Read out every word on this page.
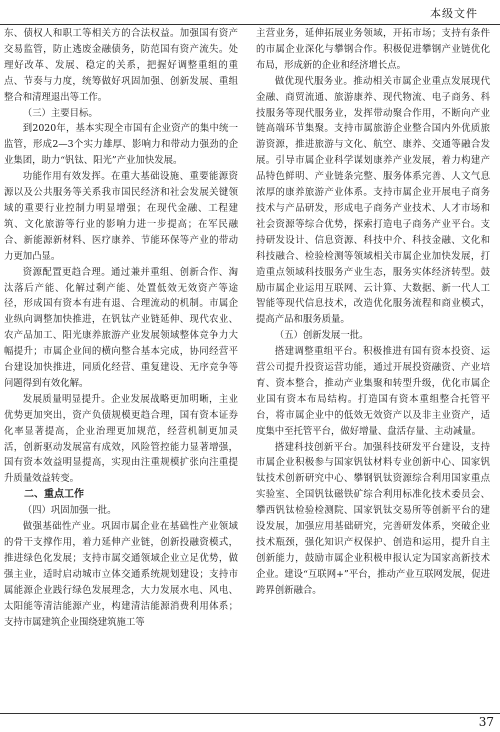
本级文件

东、债权人和职工等相关方的合法权益。加强国有资产交易监管，防止逃废金融债务，防范国有资产流失。处理好改革、发展、稳定的关系，把握好调整重组的重点、节奏与力度，统筹做好巩固加强、创新发展、重组整合和清理退出等工作。

（三）主要目标。

到2020年，基本实现全市国有企业资产的集中统一监管，形成2—3个实力雄厚、影响力和带动力强劲的企业集团，助力“钒钛、阳光”产业加快发展。

功能作用有效发挥。在重大基础设施、重要能源资源以及公共服务等关系我市国民经济和社会发展关键领域的重要行业控制力明显增强；在现代金融、工程建筑、文化旅游等行业的影响力进一步提高；在军民融合、新能源新材料、医疗康养、节能环保等产业的带动力更加凸显。

资源配置更趋合理。通过兼并重组、创新合作、淘汰落后产能、化解过剩产能、处置低效无效资产等途径，形成国有资本有进有退、合理流动的机制。市属企业纵向调整加快推进，在钒钛产业链延伸、现代农业、农产品加工、阳光康养旅游产业发展领域整体竞争力大幅提升；市属企业间的横向整合基本完成，协同经营平台建设加快推进，同质化经营、重复建设、无序竞争等问题得到有效化解。

发展质量明显提升。企业发展战略更加明晰，主业优势更加突出，资产负债规模更趋合理，国有资本证券化率显著提高，企业治理更加规范，经营机制更加灵活，创新驱动发展富有成效，风险管控能力显著增强，国有资本效益明显提高，实现由注重规模扩张向注重提升质量效益转变。

二、重点工作
（四）巩固加强一批。

做强基础性产业。巩固市属企业在基础性产业领域的骨干支撑作用，着力延伸产业链，创新投融资模式，推进绿色化发展；支持市属交通领域企业立足优势，做强主业，适时启动城市立体交通系统规划建设；支持市属能源企业践行绿色发展理念，大力发展水电、风电、太阳能等清洁能源产业，构建清洁能源消费利用体系；支持市属建筑企业围绕建筑施工等

主营业务，延伸拓展业务领域，开拓市场；支持有条件的市属企业深化与攀钢合作。积极促进攀钢产业链优化布局，形成新的企业和经济增长点。

做优现代服务业。推动相关市属企业重点发展现代金融、商贸流通、旅游康养、现代物流、电子商务、科技服务等现代服务业，发挥带动聚合作用，不断向产业链高端环节集聚。支持市属旅游企业整合国内外优质旅游资源，推进旅游与文化、航空、康养、交通等融合发展。引导市属企业科学谋划康养产业发展，着力构建产品特色鲜明、产业链条完整、服务体系完善、人文气息浓厚的康养旅游产业体系。支持市属企业开展电子商务技术与产品研发，形成电子商务产业技术、人才市场和社会资源等综合优势，探索打造电子商务产业平台。支持研发设计、信息资源、科技中介、科技金融、文化和科技融合、检验检测等领域相关市属企业加快发展，打造重点领域科技服务产业生态，服务实体经济转型。鼓励市属企业运用互联网、云计算、大数据、新一代人工智能等现代信息技术，改造优化服务流程和商业模式，提高产品和服务质量。

（五）创新发展一批。

搭建调整重组平台。积极推进有国有资本投资、运营公司提升投资运营功能，通过开展投资融资、产业培育、资本整合，推动产业集聚和转型升级，优化市属企业国有资本布局结构。打造国有资本重组整合托管平台，将市属企业中的低效无效资产以及非主业资产，适度集中至托管平台，做好增量、盘活存量、主动减量。

搭建科技创新平台。加强科技研发平台建设，支持市属企业积极参与国家钒钛材料专业创新中心、国家钒钛技术创新研究中心、攀钢钒钛资源综合利用国家重点实验室、全国钒钛磁铁矿综合利用标准化技术委员会、攀西钒钛检验检测院、国家钒钛交易所等创新平台的建设发展，加强应用基础研究，完善研发体系，突破企业技术瓶颈，强化知识产权保护、创造和运用，提升自主创新能力，鼓励市属企业积极申报认定为国家高新技术企业。建设“互联网+”平台，推动产业互联网发展，促进跨界创新融合。

37
